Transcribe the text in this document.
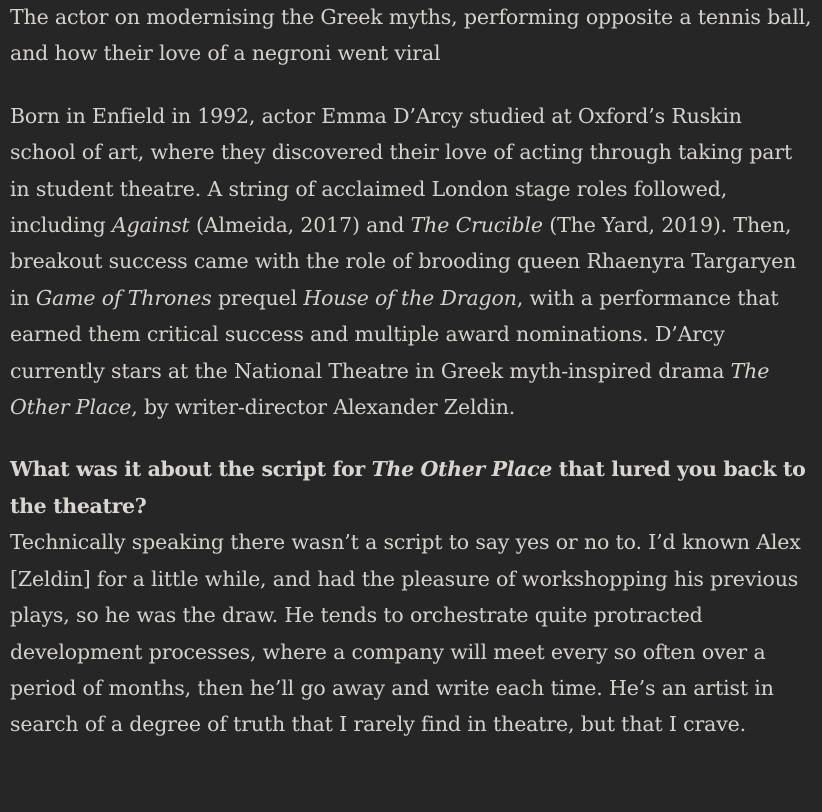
The actor on modernising the Greek myths, performing opposite a tennis ball, and how their love of a negroni went viral

Born in Enfield in 1992, actor Emma D’Arcy studied at Oxford’s Ruskin school of art, where they discovered their love of acting through taking part in student theatre. A string of acclaimed London stage roles followed, including Against (Almeida, 2017) and The Crucible (The Yard, 2019). Then, breakout success came with the role of brooding queen Rhaenyra Targaryen in Game of Thrones prequel House of the Dragon, with a performance that earned them critical success and multiple award nominations. D’Arcy currently stars at the National Theatre in Greek myth-inspired drama The Other Place, by writer-director Alexander Zeldin.

What was it about the script for The Other Place that lured you back to the theatre?

Technically speaking there wasn’t a script to say yes or no to. I’d known Alex [Zeldin] for a little while, and had the pleasure of workshopping his previous plays, so he was the draw. He tends to orchestrate quite protracted development processes, where a company will meet every so often over a period of months, then he’ll go away and write each time. He’s an artist in search of a degree of truth that I rarely find in theatre, but that I crave.
